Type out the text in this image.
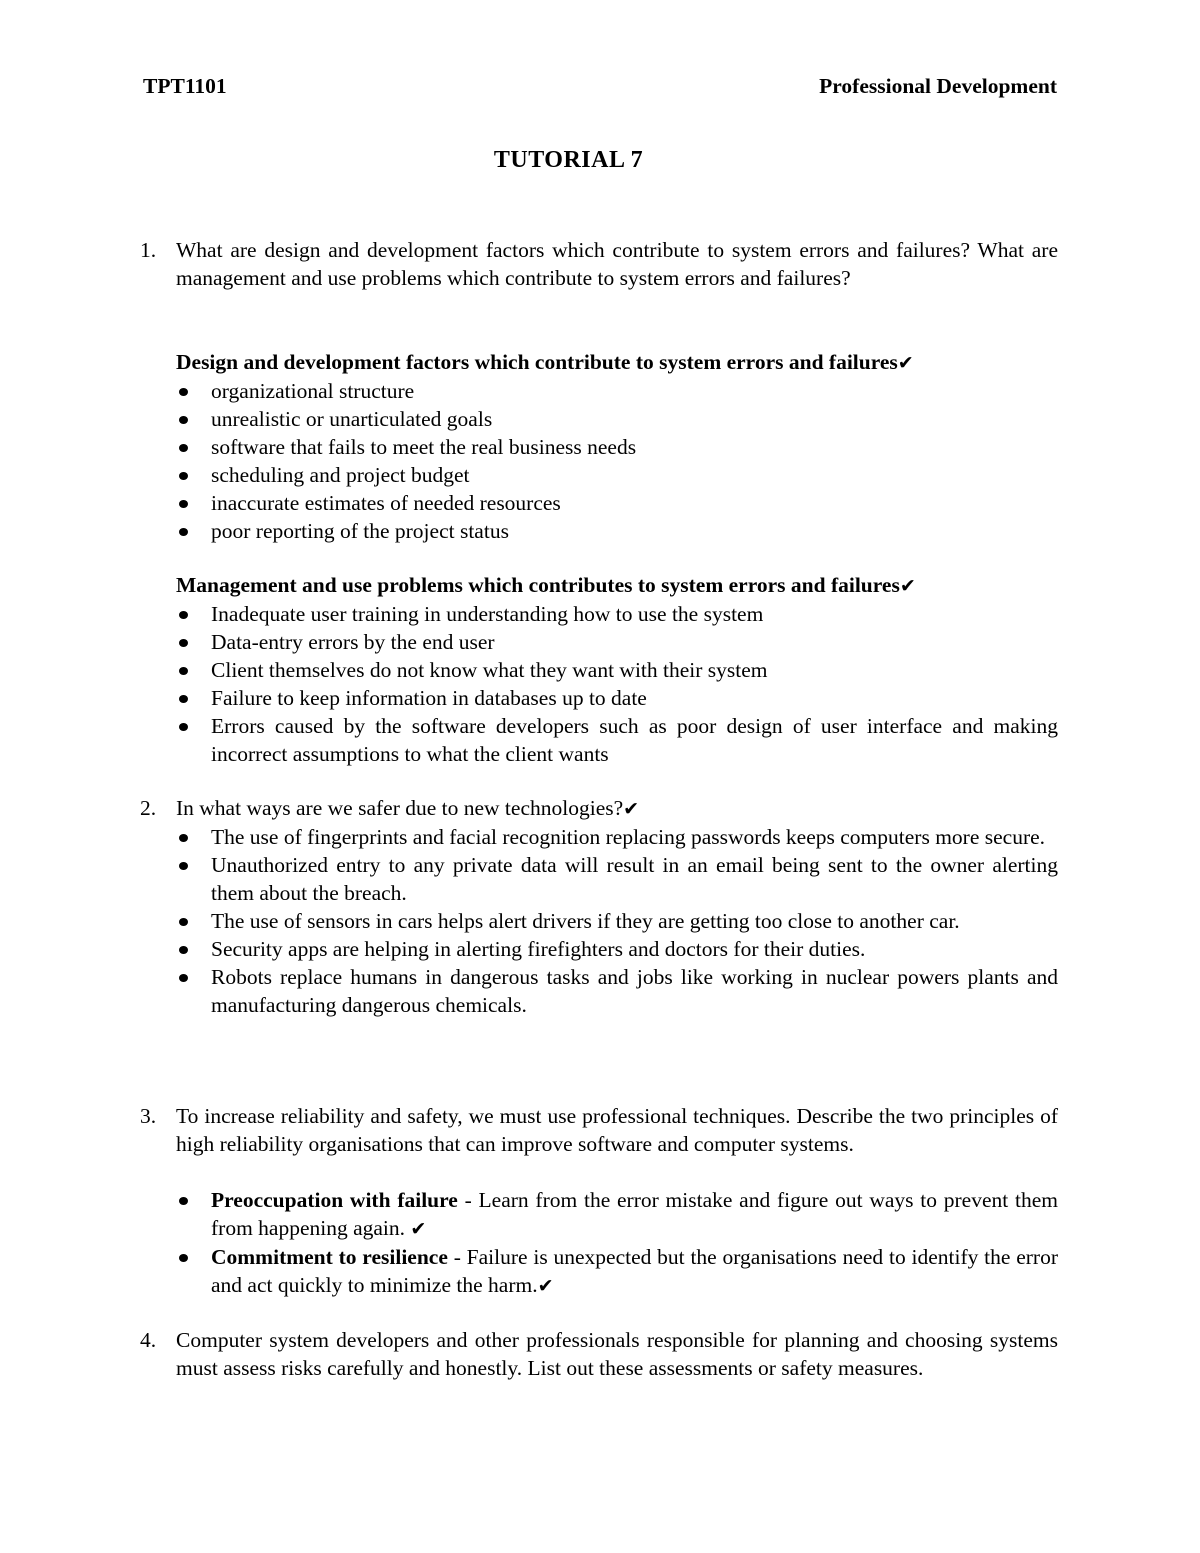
TPT1101	Professional Development
TUTORIAL 7
1. What are design and development factors which contribute to system errors and failures? What are management and use problems which contribute to system errors and failures?
Design and development factors which contribute to system errors and failures✔
organizational structure
unrealistic or unarticulated goals
software that fails to meet the real business needs
scheduling and project budget
inaccurate estimates of needed resources
poor reporting of the project status
Management and use problems which contributes to system errors and failures✔
Inadequate user training in understanding how to use the system
Data-entry errors by the end user
Client themselves do not know what they want with their system
Failure to keep information in databases up to date
Errors caused by the software developers such as poor design of user interface and making incorrect assumptions to what the client wants
2. In what ways are we safer due to new technologies?✔
The use of fingerprints and facial recognition replacing passwords keeps computers more secure.
Unauthorized entry to any private data will result in an email being sent to the owner alerting them about the breach.
The use of sensors in cars helps alert drivers if they are getting too close to another car.
Security apps are helping in alerting firefighters and doctors for their duties.
Robots replace humans in dangerous tasks and jobs like working in nuclear powers plants and manufacturing dangerous chemicals.
3. To increase reliability and safety, we must use professional techniques. Describe the two principles of high reliability organisations that can improve software and computer systems.
Preoccupation with failure - Learn from the error mistake and figure out ways to prevent them from happening again. ✔
Commitment to resilience - Failure is unexpected but the organisations need to identify the error and act quickly to minimize the harm.✔
4. Computer system developers and other professionals responsible for planning and choosing systems must assess risks carefully and honestly. List out these assessments or safety measures.
